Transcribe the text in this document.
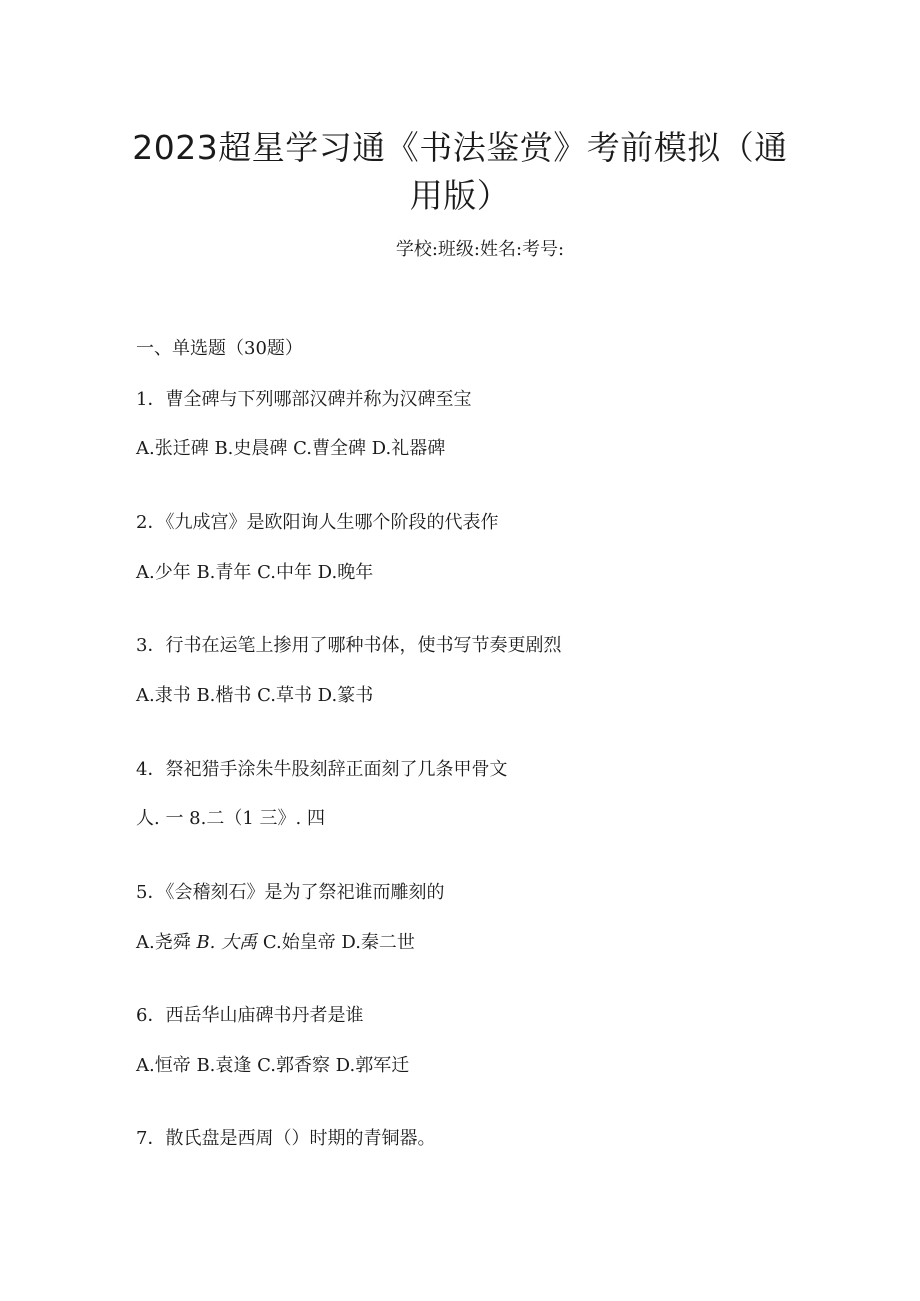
2023超星学习通《书法鉴赏》考前模拟（通
用版）
学校:班级:姓名:考号:
一、单选题（30题）
1．曹全碑与下列哪部汉碑并称为汉碑至宝
A.张迁碑 B.史晨碑 C.曹全碑 D.礼器碑
2．《九成宫》是欧阳询人生哪个阶段的代表作
A.少年 B.青年 C.中年 D.晚年
3．行书在运笔上掺用了哪种书体，使书写节奏更剧烈
A.隶书 B.楷书 C.草书 D.篆书
4．祭祀猎手涂朱牛股刻辞正面刻了几条甲骨文
人. 一 8.二（1 三》. 四
5．《会稽刻石》是为了祭祀谁而雕刻的
A.尧舜 B. 大禹 C.始皇帝 D.秦二世
6．西岳华山庙碑书丹者是谁
A.恒帝 B.袁逢 C.郭香察 D.郭军迁
7．散氏盘是西周（）时期的青铜器。
